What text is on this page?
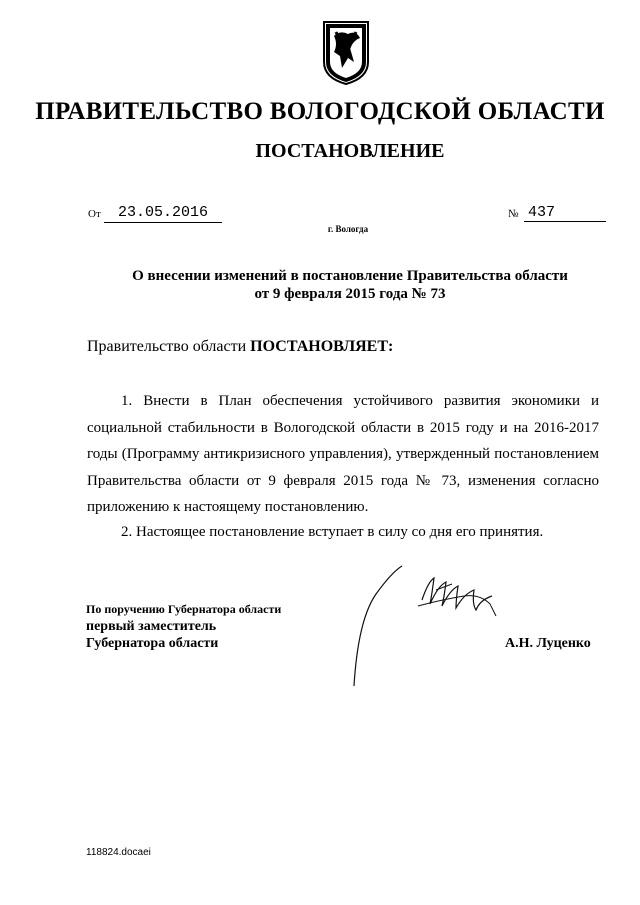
ПРАВИТЕЛЬСТВО ВОЛОГОДСКОЙ ОБЛАСТИ
ПОСТАНОВЛЕНИЕ
От	23.05.2016
г. Вологда
№ 437
О внесении изменений в постановление Правительства области
от 9 февраля 2015 года № 73
Правительство области ПОСТАНОВЛЯЕТ:
1. Внести в План обеспечения устойчивого развития экономики и социальной стабильности в Вологодской области в 2015 году и на 2016-2017 годы (Программу антикризисного управления), утвержденный постановлением Правительства области от 9 февраля 2015 года № 73, изменения согласно приложению к настоящему постановлению.
2. Настоящее постановление вступает в силу со дня его принятия.
По поручению Губернатора области
первый заместитель
Губернатора области	А.Н. Луценко
118824.docaei
